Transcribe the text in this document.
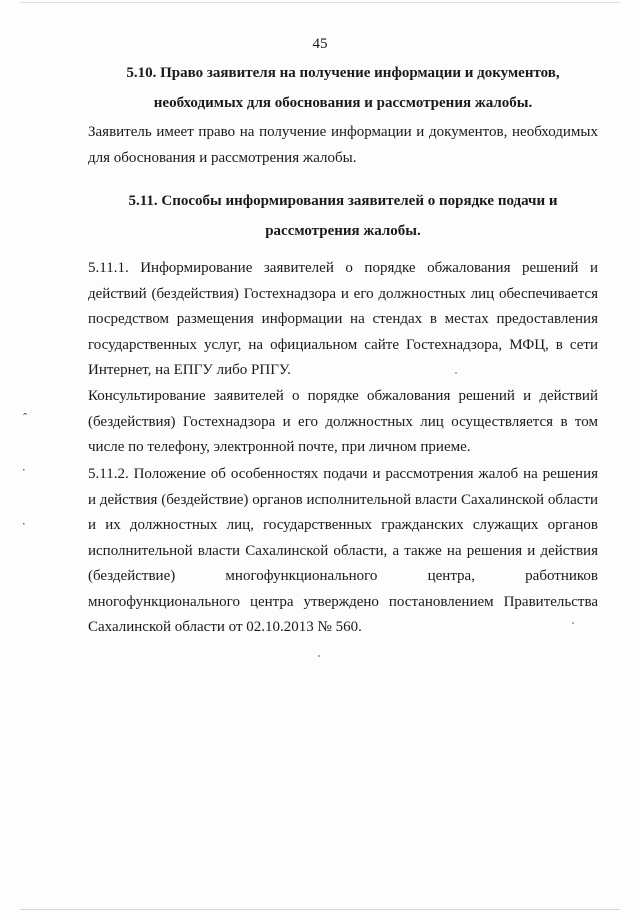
45
5.10. Право заявителя на получение информации и документов,
необходимых для обоснования и рассмотрения жалобы.

Заявитель имеет право на получение информации и документов, необходимых для обоснования и рассмотрения жалобы.

5.11. Способы информирования заявителей о порядке подачи и
рассмотрения жалобы.

5.11.1. Информирование заявителей о порядке обжалования решений и действий (бездействия) Гостехнадзора и его должностных лиц обеспечивается посредством размещения информации на стендах в местах предоставления государственных услуг, на официальном сайте Гостехнадзора, МФЦ, в сети Интернет, на ЕПГУ либо РПГУ.

Консультирование заявителей о порядке обжалования решений и действий (бездействия) Гостехнадзора и его должностных лиц осуществляется в том числе по телефону, электронной почте, при личном приеме.

5.11.2. Положение об особенностях подачи и рассмотрения жалоб на решения и действия (бездействие) органов исполнительной власти Сахалинской области и их должностных лиц, государственных гражданских служащих органов исполнительной власти Сахалинской области, а также на решения и действия (бездействие) многофункционального центра, работников многофункционального центра утверждено постановлением Правительства Сахалинской области от 02.10.2013 № 560.

ˆ
·
·
